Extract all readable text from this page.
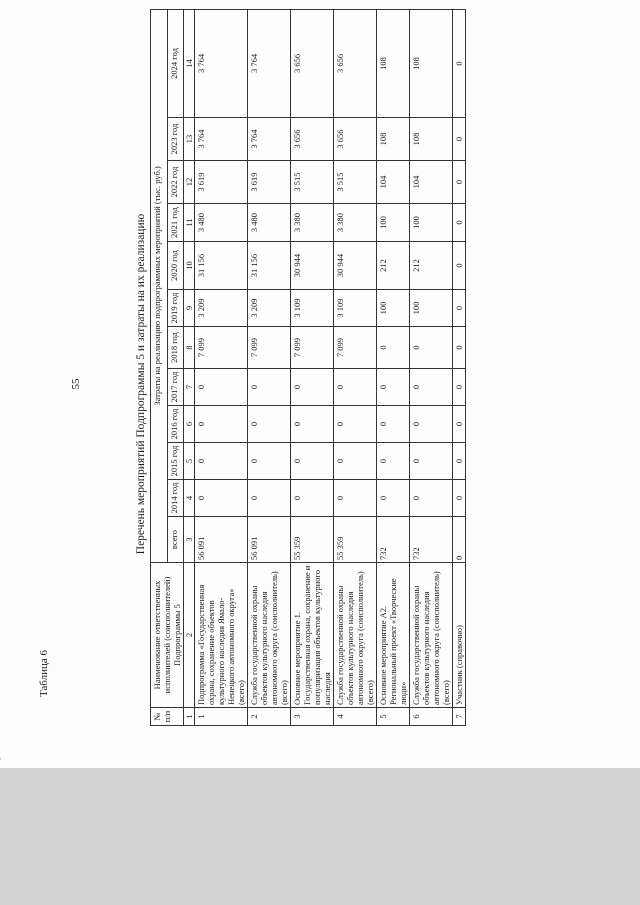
55
Таблица 6
Перечень мероприятий Подпрограммы 5 и затраты на их реализацию
№ п/п	Наименование ответственных исполнителей (соисполнителей) Подпрограммы 5	Затраты на реализацию подпрограммных мероприятий (тыс. руб.)											
		всего	2014 год	2015 год	2016 год	2017 год	2018 год	2019 год	2020 год	2021 год	2022 год	2023 год	2024 год
1	2	3	4	5	6	7	8	9	10	11	12	13	14
1	Подпрограмма «Государственная охрана, сохранение объектов культурного наследия Ямало-Ненецкого автономного округа» (всего)	56 091	0	0	0	0	7 099	3 209	31 156	3 480	3 619	3 764	3 764
2	Служба государственной охраны объектов культурного наследия автономного округа (соисполнитель) (всего)	56 091	0	0	0	0	7 099	3 209	31 156	3 480	3 619	3 764	3 764
3	Основное мероприятие 1. Государственная охрана, сохранение и популяризация объектов культурного наследия	55 359	0	0	0	0	7 099	3 109	30 944	3 380	3 515	3 656	3 656
4	Служба государственной охраны объектов культурного наследия автономного округа (соисполнитель) (всего)	55 359	0	0	0	0	7 099	3 109	30 944	3 380	3 515	3 656	3 656
5	Основное мероприятие А2. Региональный проект «Творческие люди»	732	0	0	0	0	0	100	212	100	104	108	108
6	Служба государственной охраны объектов культурного наследия автономного округа (соисполнитель) (всего)	732	0	0	0	0	0	100	212	100	104	108	108
7	Участник (справочно)	0	0	0	0	0	0	0	0	0	0	0	0
